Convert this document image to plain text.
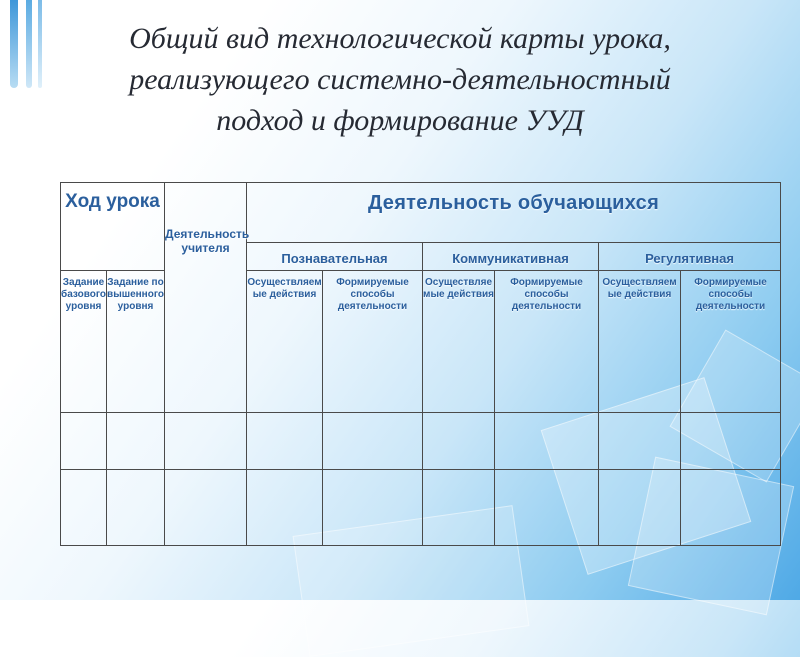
Общий вид технологической карты урока,
реализующего системно-деятельностный
подход и формирование УУД
Ход урока		Деятельность учителя	Деятельность обучающихся					
			Познавательная		Коммуникативная		Регулятивная	
Задание базового уровня	Задание повышенного уровня		Осуществляемые действия	Формируемые способы деятельности	Осуществляемые действия	Формируемые способы деятельности	Осуществляемые действия	Формируемые способы деятельности
